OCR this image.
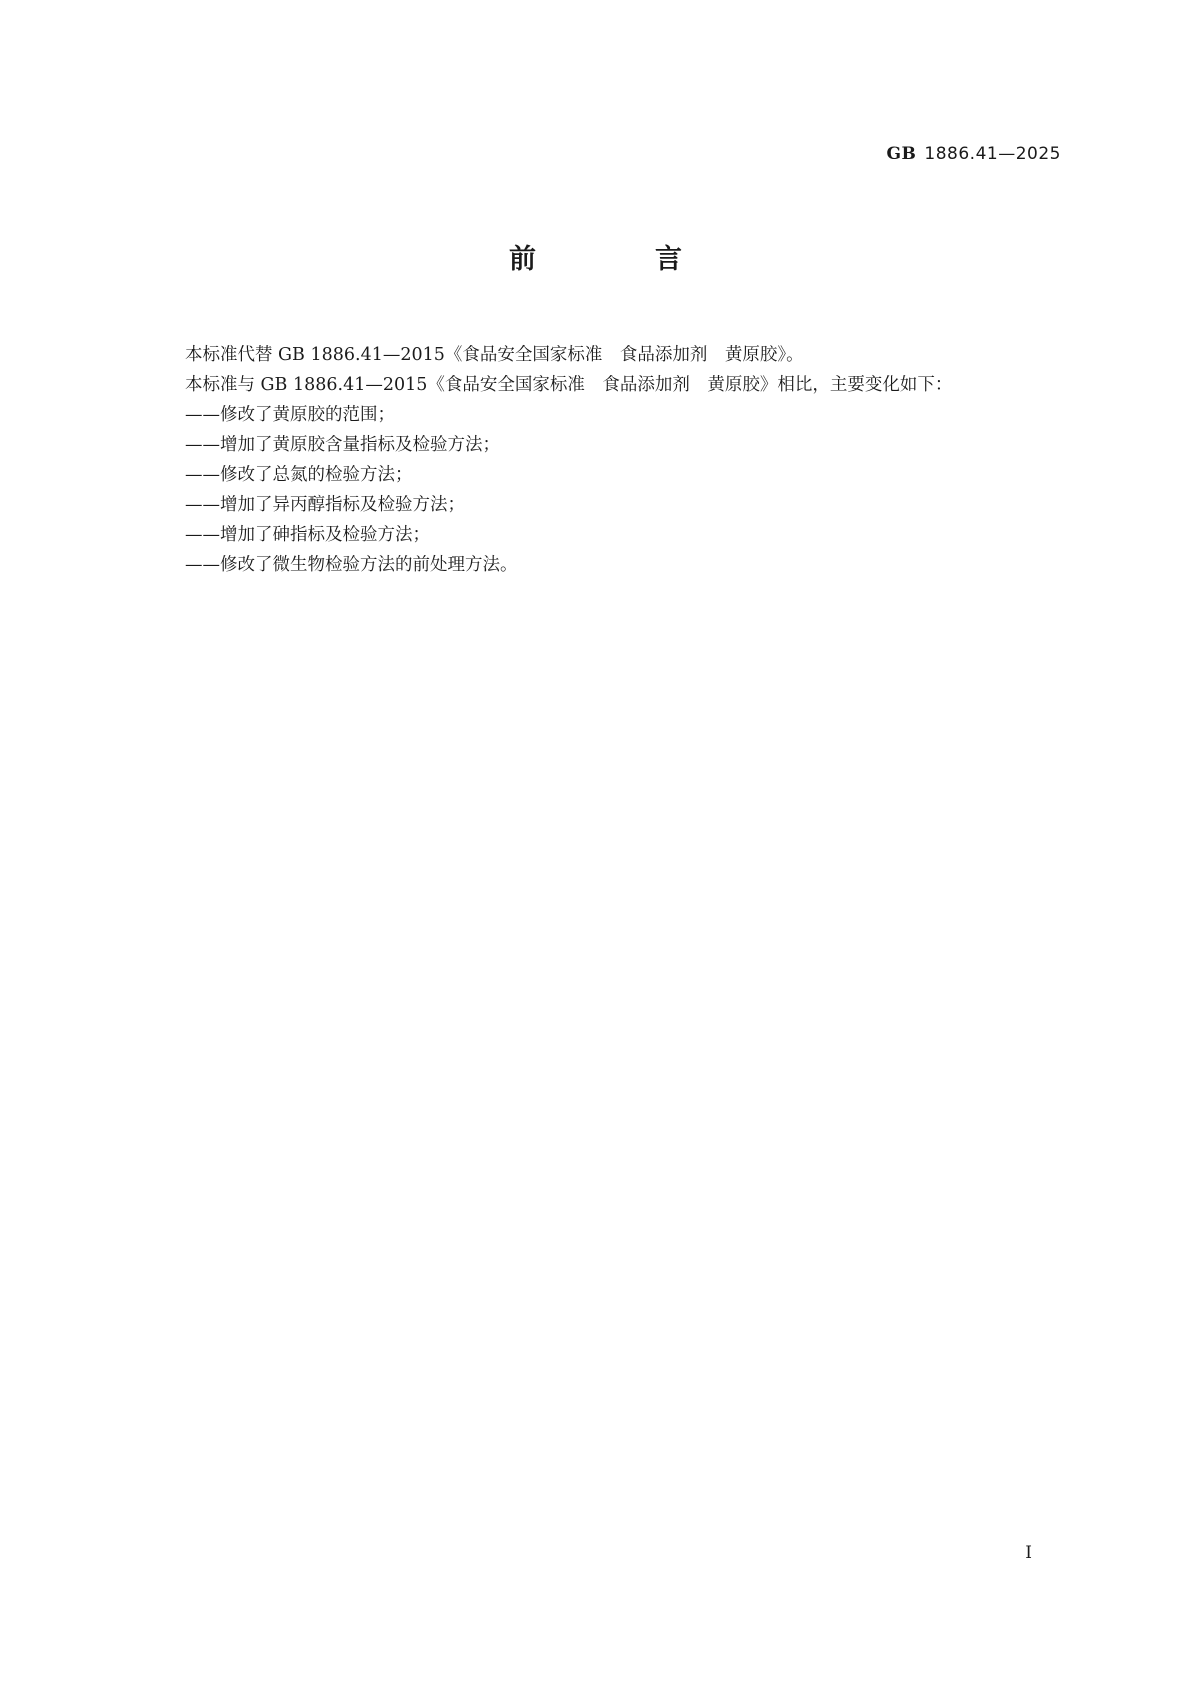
GB 1886.41—2025
前　言

本标准代替 GB 1886.41—2015《食品安全国家标准　食品添加剂　黄原胶》。

本标准与 GB 1886.41—2015《食品安全国家标准　食品添加剂　黄原胶》相比，主要变化如下：

——修改了黄原胶的范围；

——增加了黄原胶含量指标及检验方法；

——修改了总氮的检验方法；

——增加了异丙醇指标及检验方法；

——增加了砷指标及检验方法；

——修改了微生物检验方法的前处理方法。

I
